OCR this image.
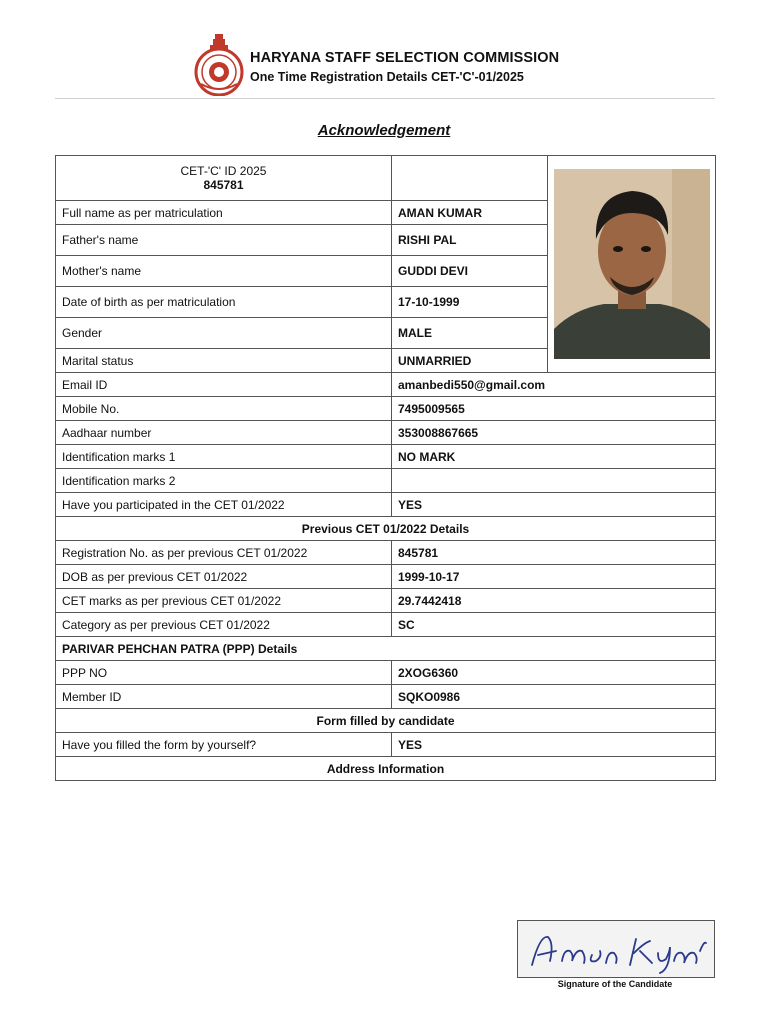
HARYANA STAFF SELECTION COMMISSION
One Time Registration Details CET-'C'-01/2025
Acknowledgement
CET-'C' ID 2025
845781

Full name as per matriculation	AMAN KUMAR	
Father's name	RISHI PAL	
Mother's name	GUDDI DEVI	
Date of birth as per matriculation	17-10-1999	
Gender	MALE	
Marital status	UNMARRIED	
Email ID	amanbedi550@gmail.com	
Mobile No.	7495009565	
Aadhaar number	353008867665	
Identification marks 1	NO MARK	
Identification marks 2		
Have you participated in the CET 01/2022	YES	
Previous CET 01/2022 Details		
Registration No. as per previous CET 01/2022	845781	
DOB as per previous CET 01/2022	1999-10-17	
CET marks as per previous CET 01/2022	29.7442418	
Category as per previous CET 01/2022	SC	
PARIVAR PEHCHAN PATRA (PPP) Details		
PPP NO	2XOG6360	
Member ID	SQKO0986	
Form filled by candidate		
Have you filled the form by yourself?	YES	
Address Information		
Signature of the Candidate
